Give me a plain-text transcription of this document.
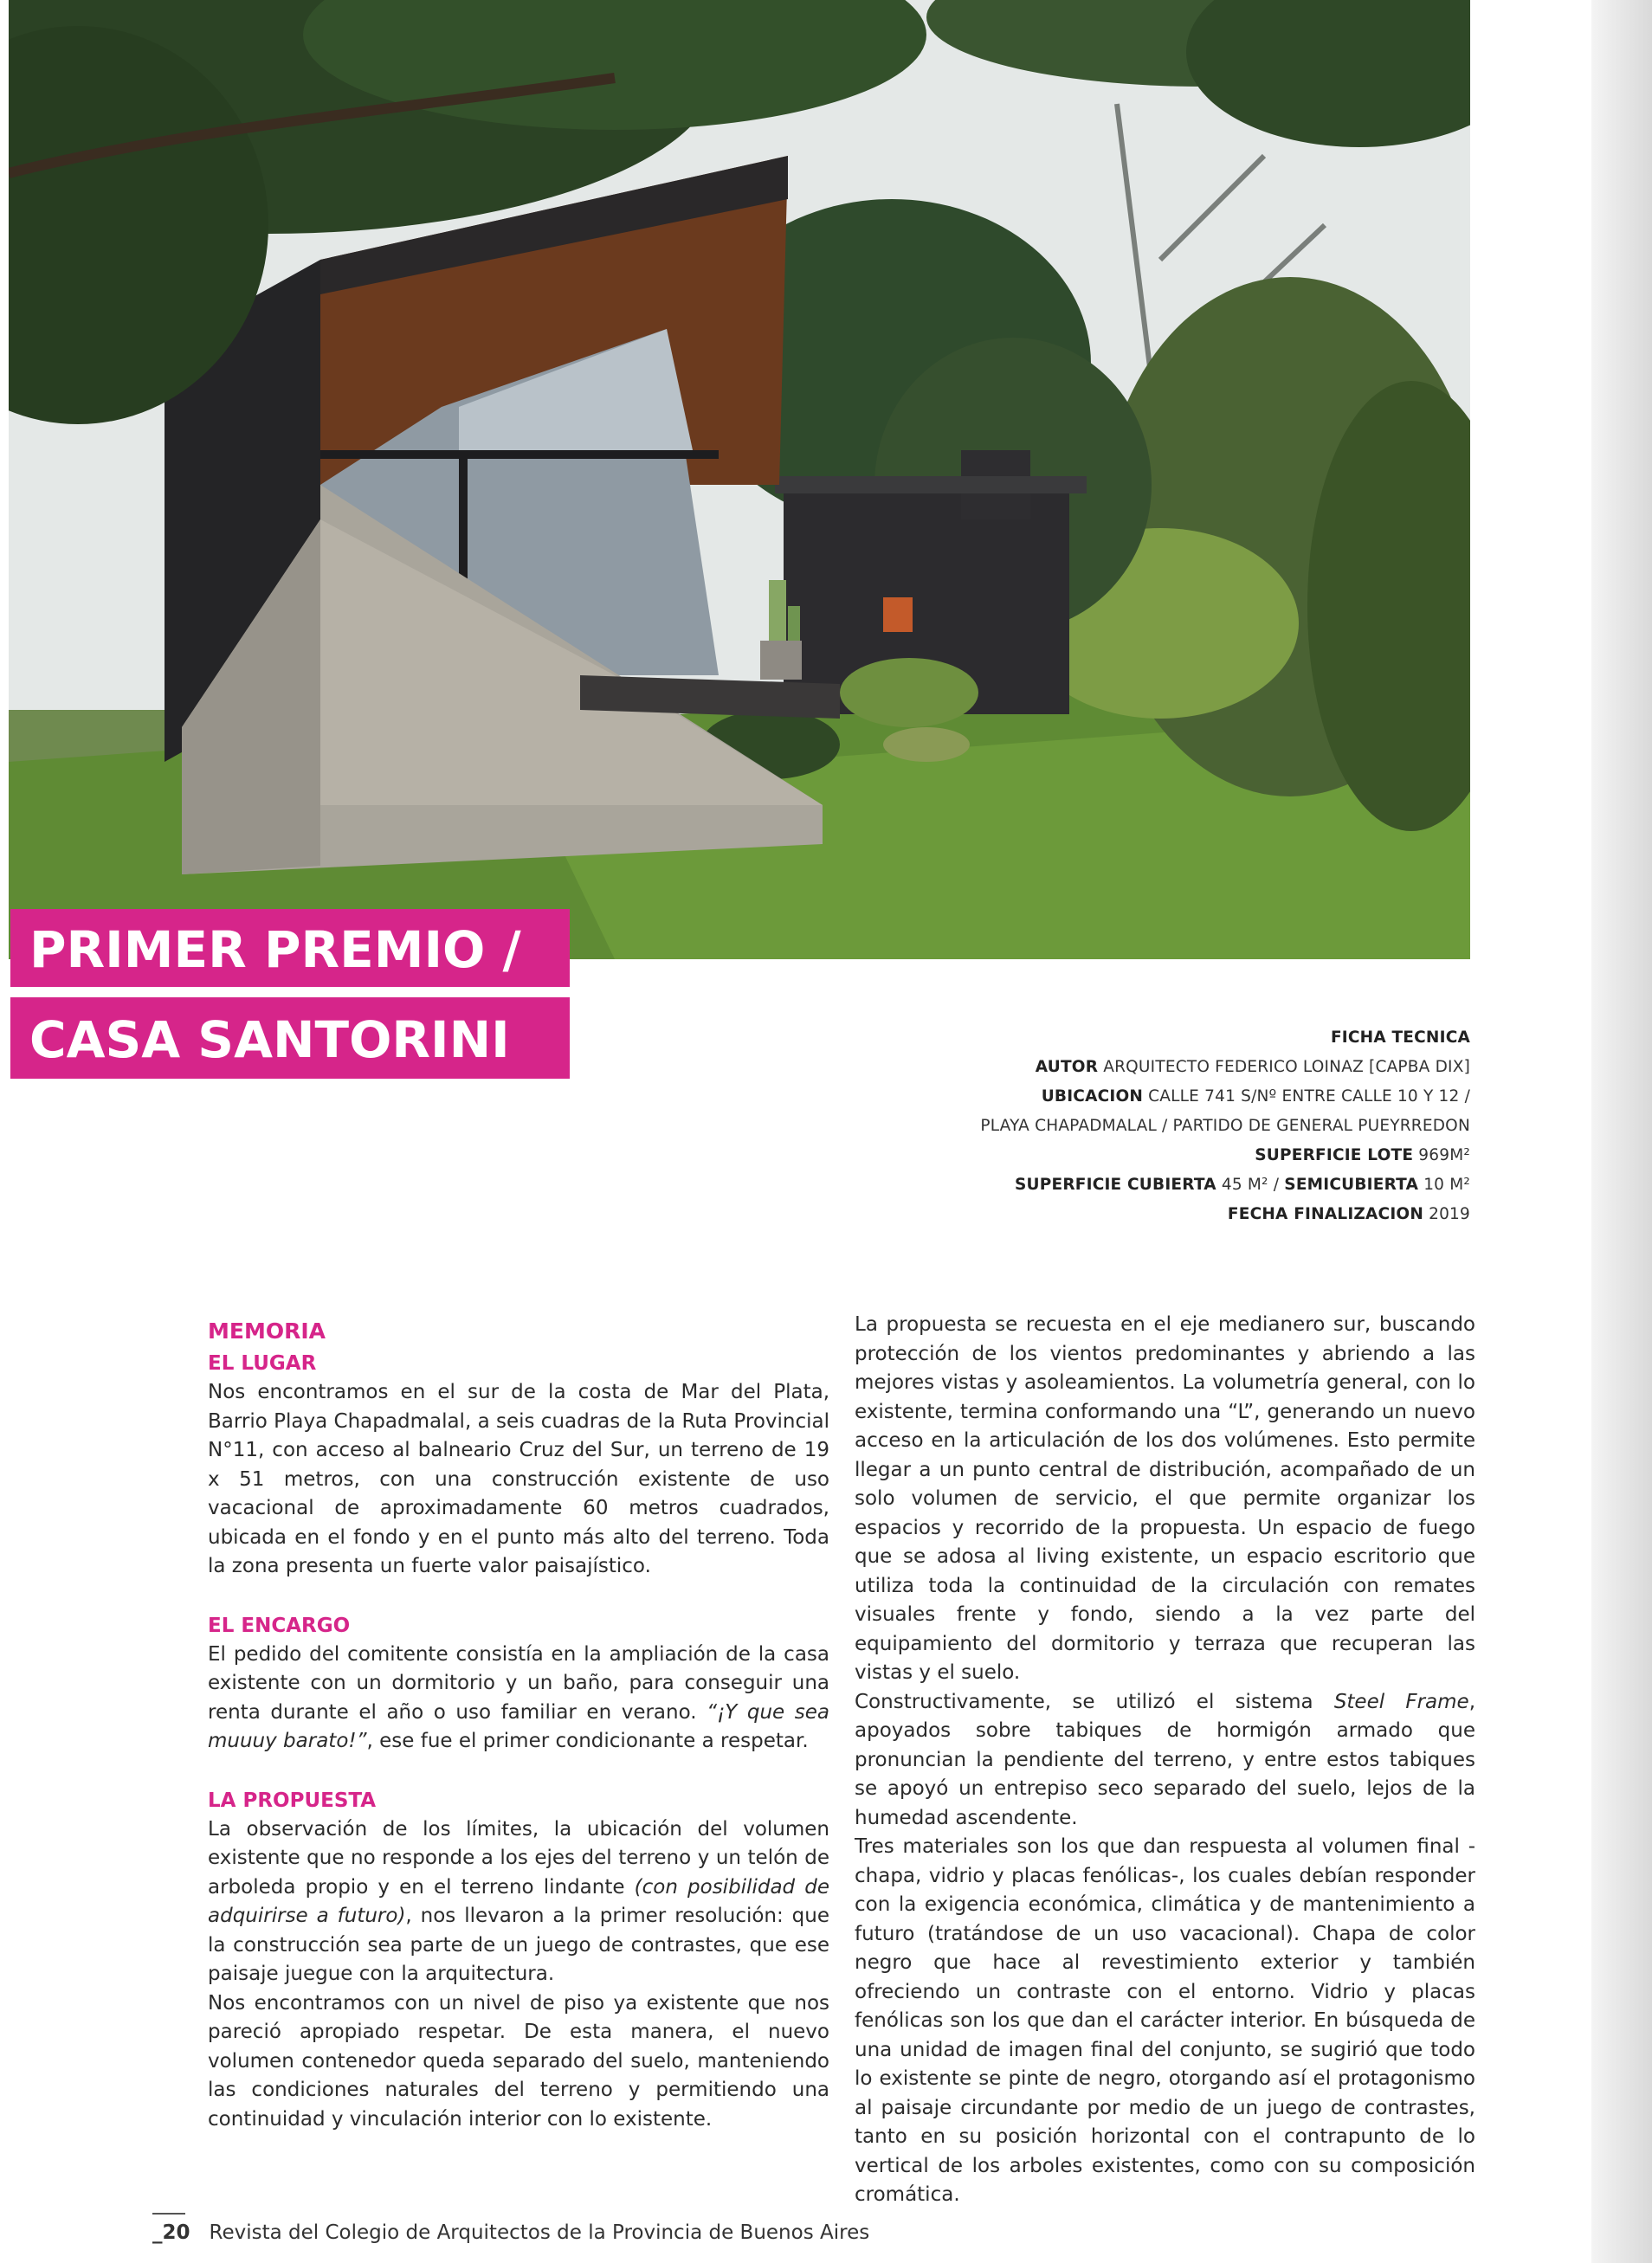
PRIMER PREMIO /
CASA SANTORINI	FICHA TECNICA
AUTOR ARQUITECTO FEDERICO LOINAZ [CAPBA DIX]
UBICACION CALLE 741 S/Nº ENTRE CALLE 10 Y 12 /
PLAYA CHAPADMALAL / PARTIDO DE GENERAL PUEYRREDON
SUPERFICIE LOTE 969M²
SUPERFICIE CUBIERTA 45 M² / SEMICUBIERTA 10 M²
FECHA FINALIZACION 2019

MEMORIA

EL LUGAR

Nos encontramos en el sur de la costa de Mar del Plata, Barrio Playa Chapadmalal, a seis cuadras de la Ruta Provincial N°11, con acceso al balneario Cruz del Sur, un terreno de 19 x 51 metros, con una construcción existente de uso vacacional de aproximadamente 60 metros cuadrados, ubicada en el fondo y en el punto más alto del terreno. Toda la zona presenta un fuerte valor paisajístico.

EL ENCARGO

El pedido del comitente consistía en la ampliación de la casa existente con un dormitorio y un baño, para conseguir una renta durante el año o uso familiar en verano. “¡Y que sea muuuy barato!”, ese fue el primer condicionante a respetar.

LA PROPUESTA

La observación de los límites, la ubicación del volumen existente que no responde a los ejes del terreno y un telón de arboleda propio y en el terreno lindante (con posibilidad de adquirirse a futuro), nos llevaron a la primer resolución: que la construcción sea parte de un juego de contrastes, que ese paisaje juegue con la arquitectura.

Nos encontramos con un nivel de piso ya existente que nos pareció apropiado respetar. De esta manera, el nuevo volumen contenedor queda separado del suelo, manteniendo las condiciones naturales del terreno y permitiendo una continuidad y vinculación interior con lo existente.

La propuesta se recuesta en el eje medianero sur, buscando protección de los vientos predominantes y abriendo a las mejores vistas y asoleamientos. La volumetría general, con lo existente, termina conformando una “L”, generando un nuevo acceso en la articulación de los dos volúmenes. Esto permite llegar a un punto central de distribución, acompañado de un solo volumen de servicio, el que permite organizar los espacios y recorrido de la propuesta. Un espacio de fuego que se adosa al living existente, un espacio escritorio que utiliza toda la continuidad de la circulación con remates visuales frente y fondo, siendo a la vez parte del equipamiento del dormitorio y terraza que recuperan las vistas y el suelo.

Constructivamente, se utilizó el sistema Steel Frame, apoyados sobre tabiques de hormigón armado que pronuncian la pendiente del terreno, y entre estos tabiques se apoyó un entrepiso seco separado del suelo, lejos de la humedad ascendente.

Tres materiales son los que dan respuesta al volumen final -chapa, vidrio y placas fenólicas-, los cuales debían responder con la exigencia económica, climática y de mantenimiento a futuro (tratándose de un uso vacacional). Chapa de color negro que hace al revestimiento exterior y también ofreciendo un contraste con el entorno. Vidrio y placas fenólicas son los que dan el carácter interior. En búsqueda de una unidad de imagen final del conjunto, se sugirió que todo lo existente se pinte de negro, otorgando así el protagonismo al paisaje circundante por medio de un juego de contrastes, tanto en su posición horizontal con el contrapunto de lo vertical de los arboles existentes, como con su composición cromática.

_20 Revista del Colegio de Arquitectos de la Provincia de Buenos Aires
